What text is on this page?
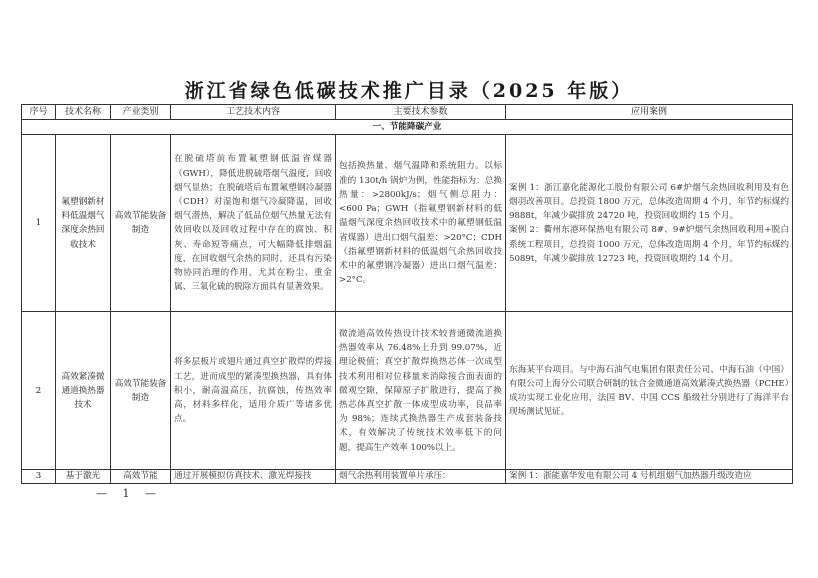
浙江省绿色低碳技术推广目录（2025 年版）
序号	技术名称	产业类别	工艺技术内容	主要技术参数	应用案例
一、节能降碳产业					
1	氟塑钢新材料低温烟气深度余热回收技术	高效节能装备制造	在脱硫塔前布置氟塑钢低温省煤器（GWH），降低进脱硫塔烟气温度，回收烟气显热；在脱硫塔后布置氟塑钢冷凝器（CDH）对湿饱和烟气冷凝降温，回收烟气潜热，解决了低品位烟气热量无法有效回收以及回收过程中存在的腐蚀、积灰、寿命短等痛点，可大幅降低排烟温度，在回收烟气余热的同时，还具有污染物协同治理的作用，尤其在粉尘、重金属、三氧化硫的脱除方面具有显著效果。	包括换热量、烟气温降和系统阻力。以标准的 130t/h 锅炉为例，性能指标为：总换热量：>2800kJ/s；烟气侧总阻力：<600 Pa；GWH（指氟塑钢新材料的低温烟气深度余热回收技术中的氟塑钢低温省煤器）进出口烟气温差：>20°C；CDH（指氟塑钢新材料的低温烟气余热回收技术中的氟塑钢冷凝器）进出口烟气温差：>2°C。	案例 1：浙江嘉化能源化工股份有限公司 6#炉烟气余热回收利用及有色烟羽改善项目。总投资 1800 万元，总体改造周期 4 个月，年节约标煤约 9888t，年减少碳排放 24720 吨，投资回收期约 15 个月。

案例 2：衢州东港环保热电有限公司 8#、9#炉烟气余热回收利用+脱白系统工程项目，总投资 1000 万元，总体改造周期 4 个月，年节约标煤约 5089t，年减少碳排放 12723 吨，投资回收期约 14 个月。

2	高效紧凑微通道换热器技术	高效节能装备制造	将多层板片或翅片通过真空扩散焊的焊接工艺，进而成型的紧凑型换热器，具有体积小，耐高温高压，抗腐蚀，传热效率高，材料多样化，适用介质广等诸多优点。	微流道高效传热设计技术较普通微流道换热器效率从 76.48%上升到 99.07%，近理论极值；真空扩散焊换热芯体一次成型技术利用相对位移量来消除接合面表面的微观空隙，保障原子扩散进行，提高了换热芯体真空扩散一体成型成功率，良品率为 98%；连续式换热器生产成套装备技术，有效解决了传统技术效率低下的问题，提高生产效率 100%以上。	东海某平台项目。与中海石油气电集团有限责任公司、中海石油（中国）有限公司上海分公司联合研制的钛合金微通道高效紧凑式换热器（PCHE）成功实现工业化应用，法国 BV、中国 CCS 船级社分别进行了海洋平台现场测试见证。

3	基于激光	高效节能	通过开展模拟仿真技术、激光焊接技	烟气余热利用装置单片承压：	案例 1：浙能嘉华发电有限公司 4 号机组烟气加热器升级改造应
— 1 —
